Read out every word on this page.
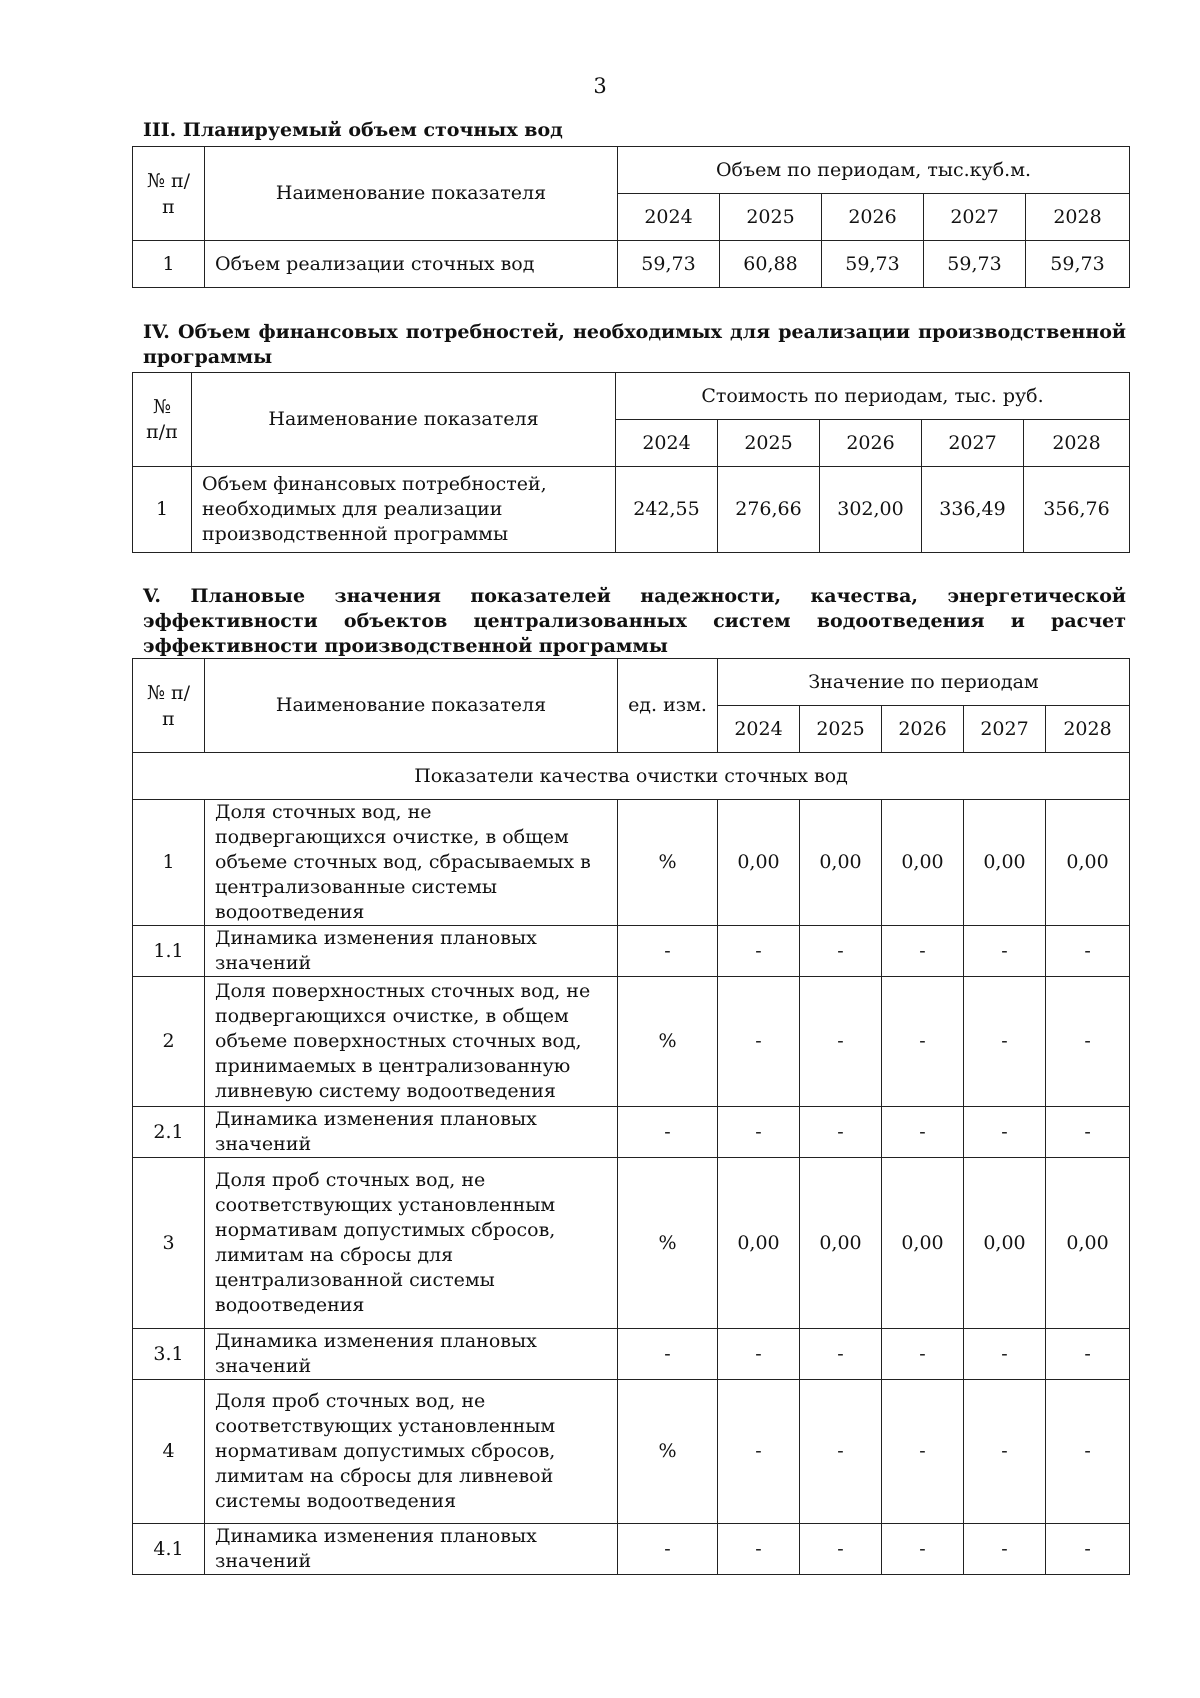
3
III. Планируемый объем сточных вод
№ п/п	Наименование показателя	Объем по периодам, тыс.куб.м.				
		2024	2025	2026	2027	2028
1	Объем реализации сточных вод	59,73	60,88	59,73	59,73	59,73
IV. Объем финансовых потребностей, необходимых для реализации производственной программы
№ п/п	Наименование показателя	Стоимость по периодам, тыс. руб.				
		2024	2025	2026	2027	2028
1	Объем финансовых потребностей, необходимых для реализации производственной программы	242,55	276,66	302,00	336,49	356,76
V. Плановые значения показателей надежности, качества, энергетической эффективности объектов централизованных систем водоотведения и расчет эффективности производственной программы
№ п/п	Наименование показателя	ед. изм.	Значение по периодам				
			2024	2025	2026	2027	2028
Показатели качества очистки сточных вод							
1	Доля сточных вод, не подвергающихся очистке, в общем объеме сточных вод, сбрасываемых в централизованные системы водоотведения	%	0,00	0,00	0,00	0,00	0,00
1.1	Динамика изменения плановых значений	-	-	-	-	-	-
2	Доля поверхностных сточных вод, не подвергающихся очистке, в общем объеме поверхностных сточных вод, принимаемых в централизованную ливневую систему водоотведения	%	-	-	-	-	-
2.1	Динамика изменения плановых значений	-	-	-	-	-	-
3	Доля проб сточных вод, не соответствующих установленным нормативам допустимых сбросов, лимитам на сбросы для централизованной системы водоотведения	%	0,00	0,00	0,00	0,00	0,00
3.1	Динамика изменения плановых значений	-	-	-	-	-	-
4	Доля проб сточных вод, не соответствующих установленным нормативам допустимых сбросов, лимитам на сбросы для ливневой системы водоотведения	%	-	-	-	-	-
4.1	Динамика изменения плановых значений	-	-	-	-	-	-
